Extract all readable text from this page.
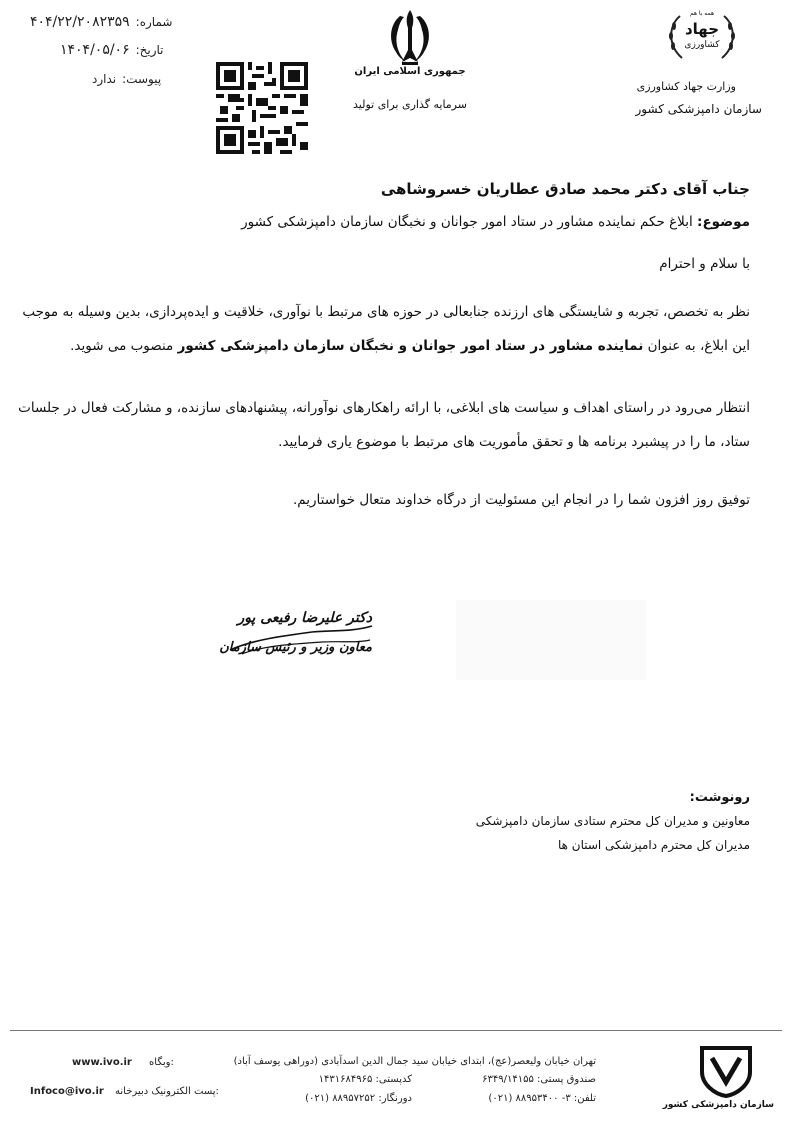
شماره:۴۰۴/۲۲/۲۰۸۲۳۵۹
تاریخ:۱۴۰۴/۰۵/۰۶
پیوست:ندارد
جمهوری اسلامی ایران
سرمایه گذاری برای تولید
همه با هم
جهاد
کشاورزی
وزارت جهاد کشاورزی
سازمان دامپزشکی کشور
جناب آقای دکتر محمد صادق عطاریان خسروشاهی
موضوع: ابلاغ حکم نماینده مشاور در ستاد امور جوانان و نخبگان سازمان دامپزشکی کشور
با سلام و احترام
نظر به تخصص، تجربه و شایستگی های ارزنده جنابعالی در حوزه های مرتبط با نوآوری، خلاقیت و ایده‌پردازی، بدین وسیله به موجب
این ابلاغ، به عنوان نماینده مشاور در ستاد امور جوانان و نخبگان سازمان دامپزشکی کشور منصوب می شوید.
انتظار می‌رود در راستای اهداف و سیاست های ابلاغی، با ارائه راهکارهای نوآورانه، پیشنهادهای سازنده، و مشارکت فعال در جلسات
ستاد، ما را در پیشبرد برنامه ها و تحقق مأموریت های مرتبط با موضوع یاری فرمایید.
توفیق روز افزون شما را در انجام این مسئولیت از درگاه خداوند متعال خواستاریم.
دکتر علیرضا رفیعی پور
معاون وزیر و رئیس سازمان
رونوشت:
معاونین و مدیران کل محترم ستادی سازمان دامپزشکی
مدیران کل محترم دامپزشکی استان ها
تهران خیابان ولیعصر(عج)، ابتدای خیابان سید جمال الدین اسدآبادی (دوراهی یوسف آباد)
صندوق پستی: ۶۳۴۹/۱۴۱۵۵
کدپستی: ۱۴۳۱۶۸۴۹۶۵
تلفن: ۳- ۸۸۹۵۳۴۰۰ (۰۲۱)
دورنگار: ۸۸۹۵۷۲۵۲ (۰۲۱)
www.ivo.ir وبگاه:
Infoco@ivo.ir پست الکترونیک دبیرخانه:
سازمان دامپزشکی کشور
